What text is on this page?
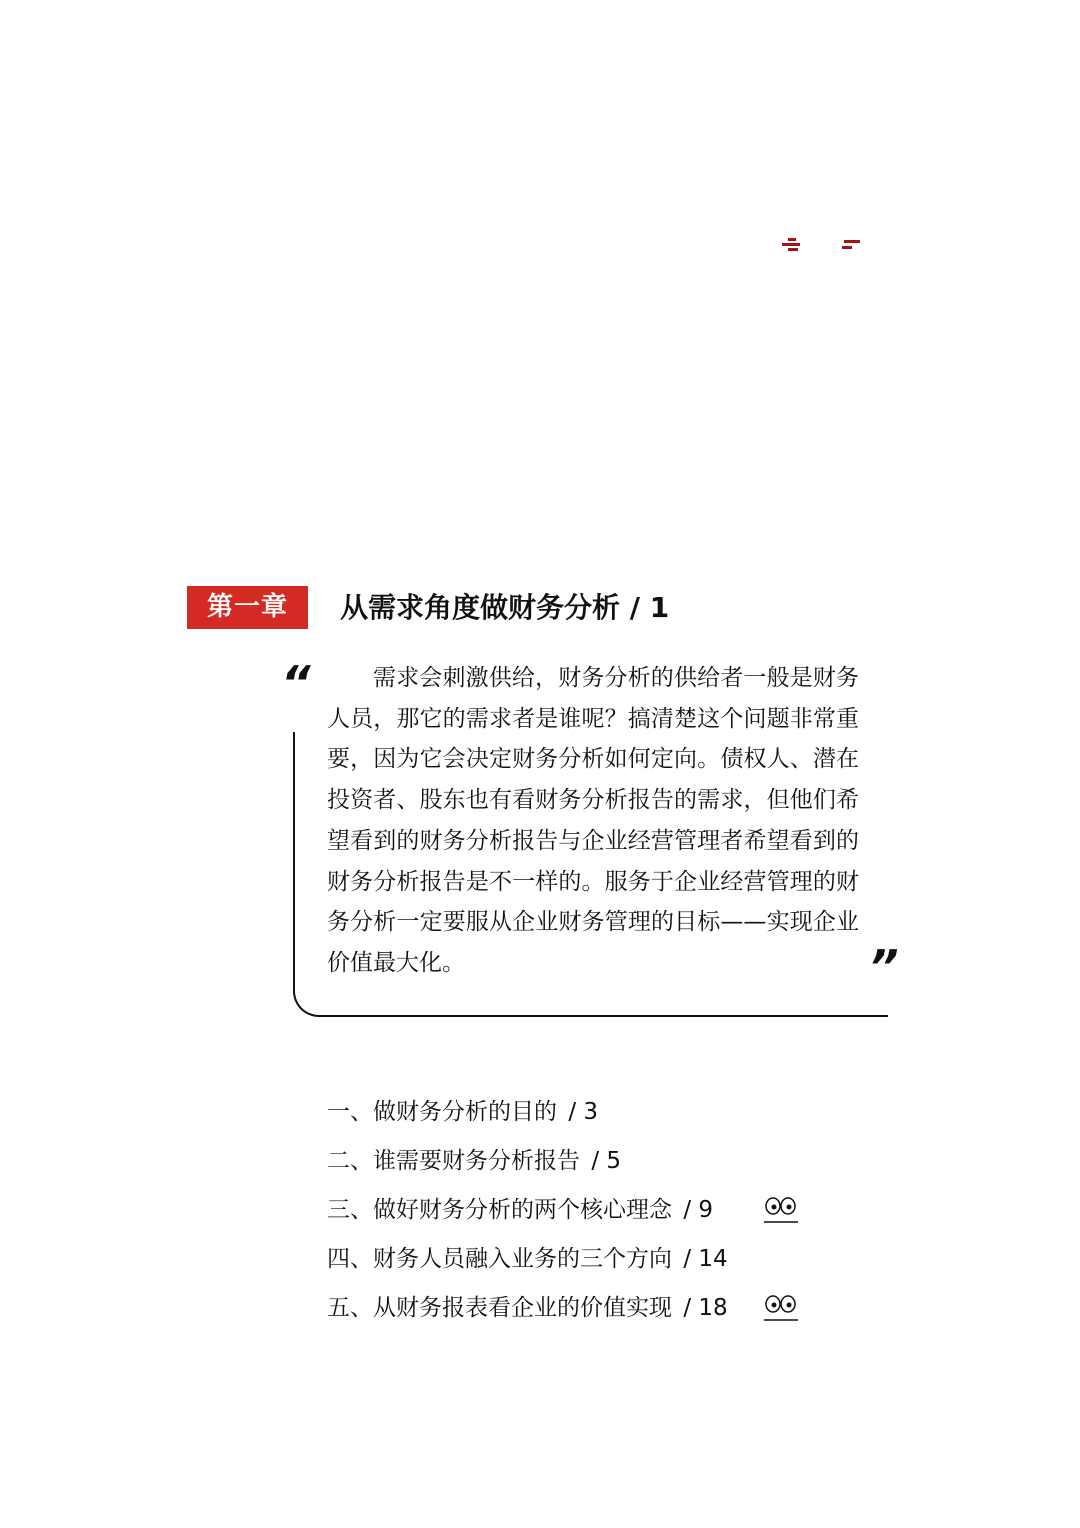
第一章	从需求角度做财务分析 / 1
“	需求会刺激供给，财务分析的供给者一般是财务人员，那它的需求者是谁呢？搞清楚这个问题非常重要，因为它会决定财务分析如何定向。债权人、潜在投资者、股东也有看财务分析报告的需求，但他们希望看到的财务分析报告与企业经营管理者希望看到的财务分析报告是不一样的。服务于企业经营管理的财务分析一定要服从企业财务管理的目标——实现企业价值最大化。	”
一、做财务分析的目的 / 3
二、谁需要财务分析报告 / 5
三、做好财务分析的两个核心理念 / 9
四、财务人员融入业务的三个方向 / 14
五、从财务报表看企业的价值实现 / 18
